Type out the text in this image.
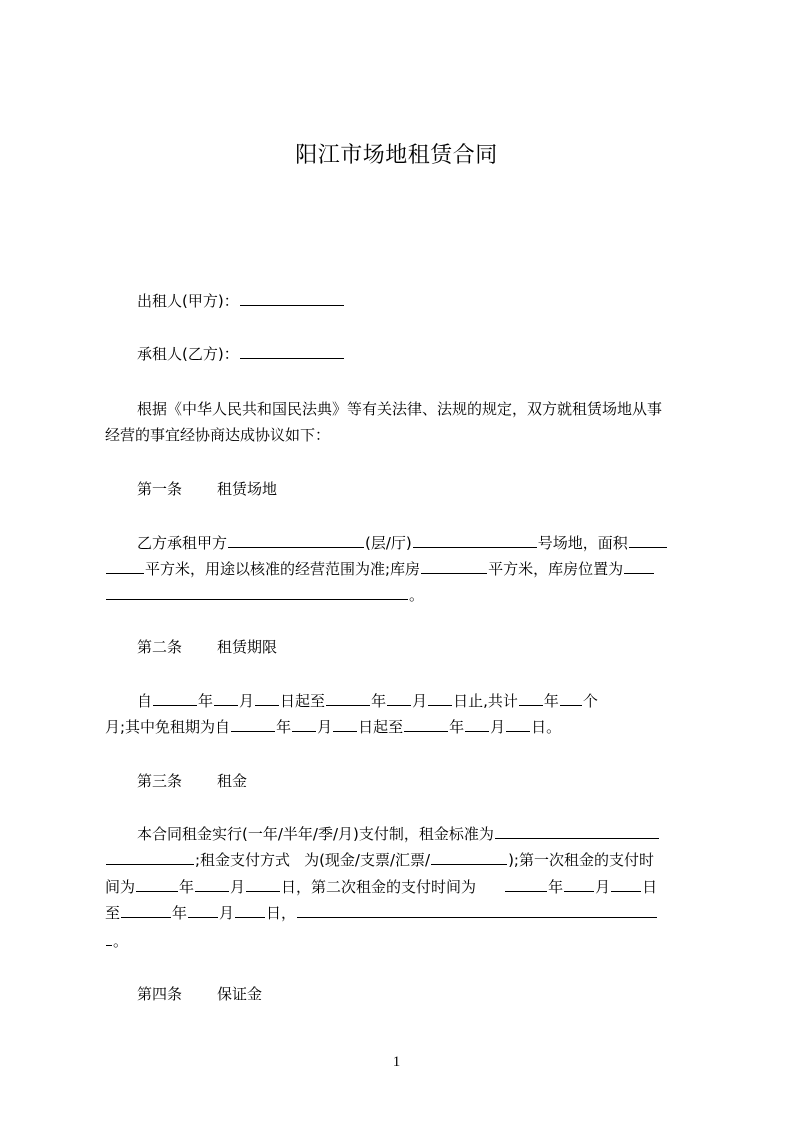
阳江市场地租赁合同
出租人(甲方)：
承租人(乙方)：
根据《中华人民共和国民法典》等有关法律、法规的规定，双方就租赁场地从事
经营的事宜经协商达成协议如下：
第一条 租赁场地
乙方承租甲方	(层/厅)	号场地，面积
平方米，用途以核准的经营范围为准;库房	平方米，库房位置为
。
第二条 租赁期限
自	年 月 日起至	年 月 日止,共计 年 个
月;其中免租期为自	年 月 日起至	年 月 日。
第三条 租金
本合同租金实行(一年/半年/季/月)支付制，租金标准为
;租金支付方式 为(现金/支票/汇票/	);第一次租金的支付时
间为	年 月 日，第二次租金的支付时间为	年 月 日
至	年 月 日，
。
第四条 保证金
1
